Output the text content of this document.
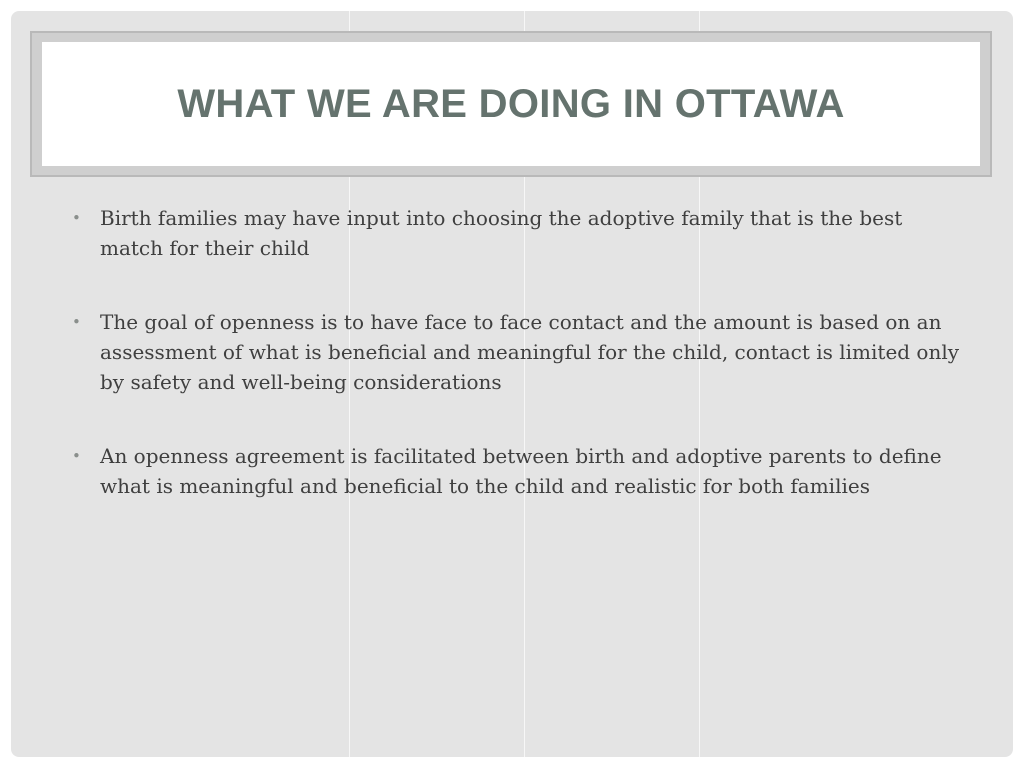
WHAT WE ARE DOING IN OTTAWA
• Birth families may have input into choosing the adoptive family that is the best match for their child
• The goal of openness is to have face to face contact and the amount is based on an assessment of what is beneficial and meaningful for the child, contact is limited only by safety and well-being considerations
• An openness agreement is facilitated between birth and adoptive parents to define what is meaningful and beneficial to the child and realistic for both families
